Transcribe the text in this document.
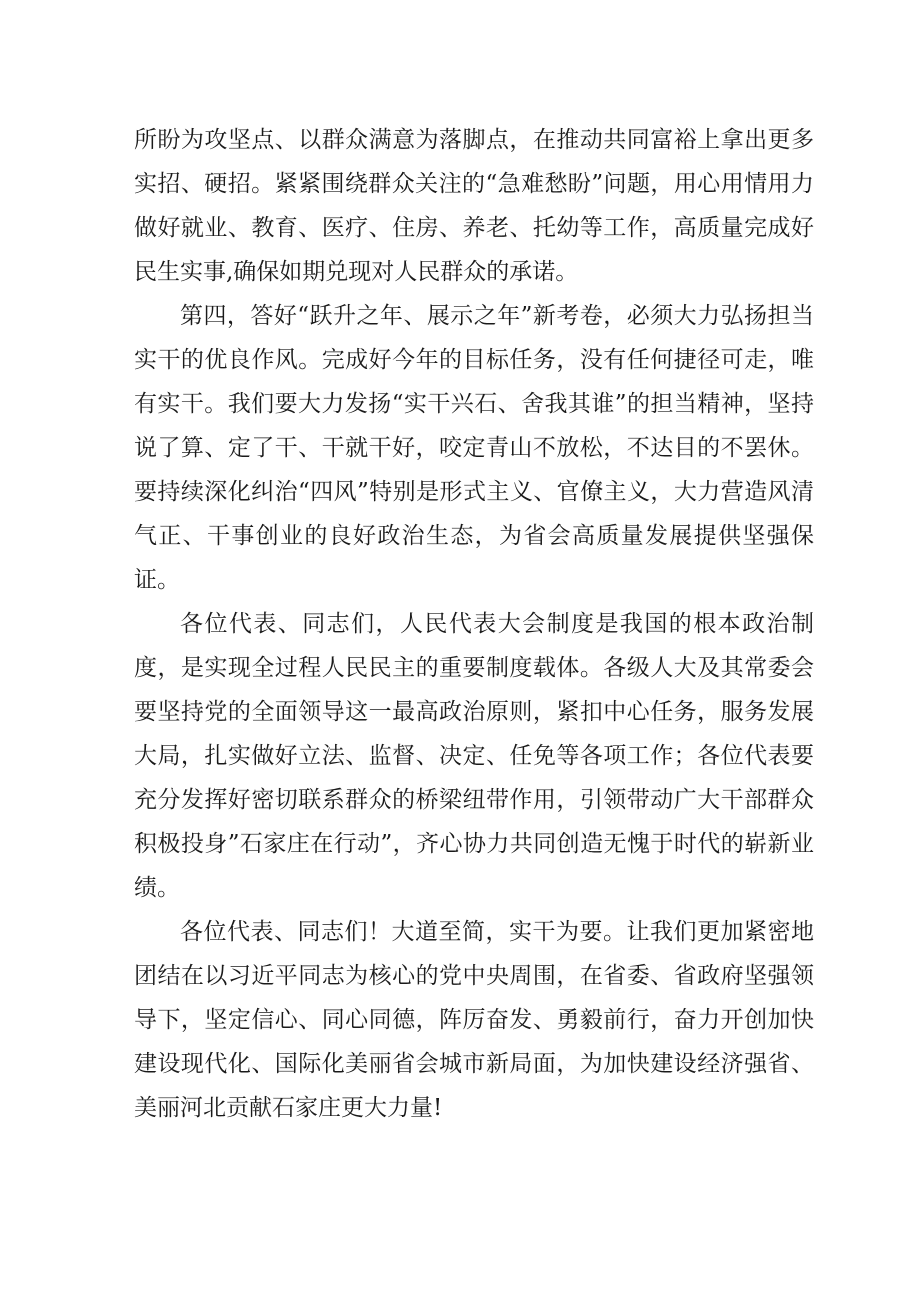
所盼为攻坚点、以群众满意为落脚点，在推动共同富裕上拿出更多实招、硬招。紧紧围绕群众关注的“急难愁盼”问题，用心用情用力做好就业、教育、医疗、住房、养老、托幼等工作，高质量完成好民生实事,确保如期兑现对人民群众的承诺。

第四，答好“跃升之年、展示之年”新考卷，必须大力弘扬担当实干的优良作风。完成好今年的目标任务，没有任何捷径可走，唯有实干。我们要大力发扬“实干兴石、舍我其谁”的担当精神，坚持说了算、定了干、干就干好，咬定青山不放松，不达目的不罢休。要持续深化纠治“四风”特别是形式主义、官僚主义，大力营造风清气正、干事创业的良好政治生态，为省会高质量发展提供坚强保证。

各位代表、同志们，人民代表大会制度是我国的根本政治制度，是实现全过程人民民主的重要制度载体。各级人大及其常委会要坚持党的全面领导这一最高政治原则，紧扣中心任务，服务发展大局，扎实做好立法、监督、决定、任免等各项工作；各位代表要充分发挥好密切联系群众的桥梁纽带作用，引领带动广大干部群众积极投身”石家庄在行动”，齐心协力共同创造无愧于时代的崭新业绩。

各位代表、同志们！大道至简，实干为要。让我们更加紧密地团结在以习近平同志为核心的党中央周围，在省委、省政府坚强领导下，坚定信心、同心同德，阵厉奋发、勇毅前行，奋力开创加快建设现代化、国际化美丽省会城市新局面，为加快建设经济强省、美丽河北贡献石家庄更大力量!
